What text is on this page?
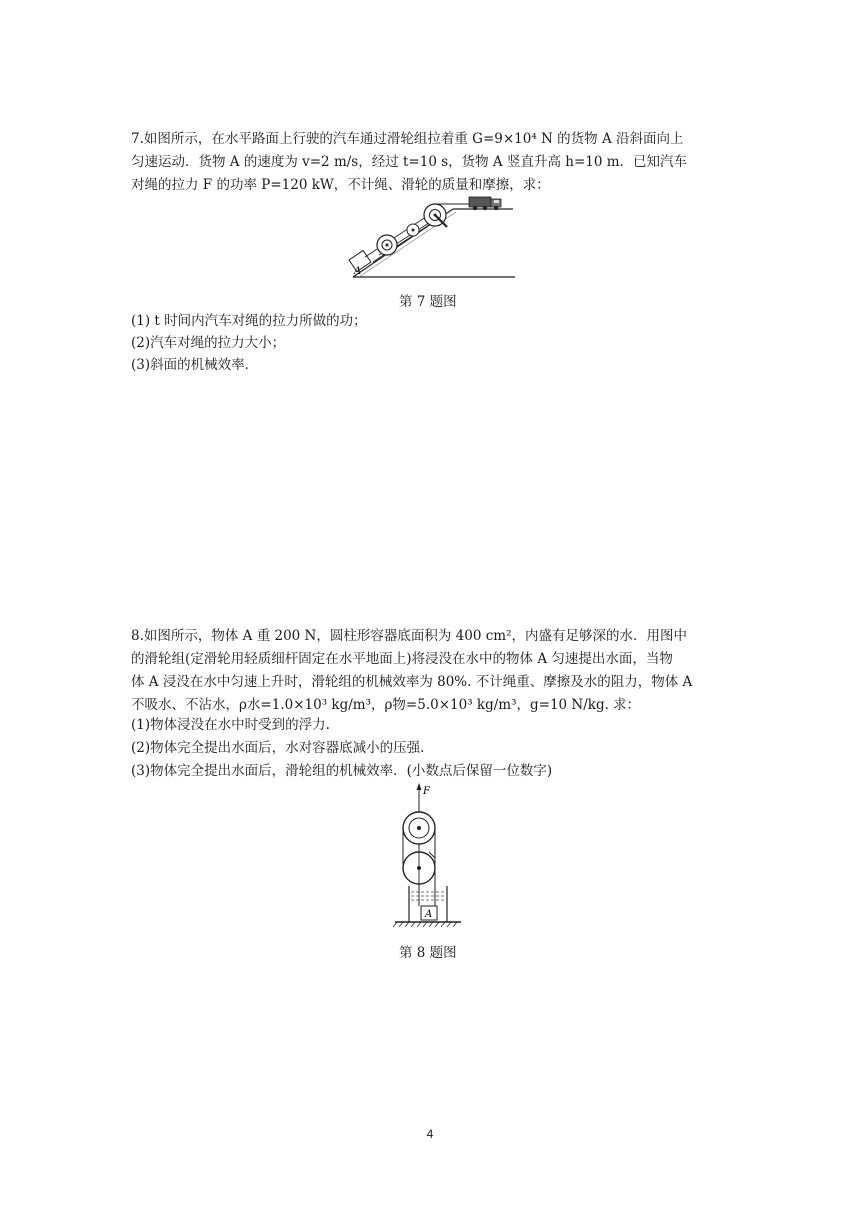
7.如图所示，在水平路面上行驶的汽车通过滑轮组拉着重 G=9×10⁴ N 的货物 A 沿斜面向上
匀速运动．货物 A 的速度为 v=2 m/s，经过 t=10 s，货物 A 竖直升高 h=10 m．已知汽车
对绳的拉力 F 的功率 P=120 kW，不计绳、滑轮的质量和摩擦，求：
A
第 7 题图
(1) t 时间内汽车对绳的拉力所做的功；
(2)汽车对绳的拉力大小；
(3)斜面的机械效率．
8.如图所示，物体 A 重 200 N，圆柱形容器底面积为 400 cm²，内盛有足够深的水．用图中
的滑轮组(定滑轮用轻质细杆固定在水平地面上)将浸没在水中的物体 A 匀速提出水面，当物
体 A 浸没在水中匀速上升时，滑轮组的机械效率为 80%. 不计绳重、摩擦及水的阻力，物体 A
不吸水、不沾水，ρ水=1.0×10³ kg/m³，ρ物=5.0×10³ kg/m³，g=10 N/kg. 求：
(1)物体浸没在水中时受到的浮力.
(2)物体完全提出水面后，水对容器底减小的压强.
(3)物体完全提出水面后，滑轮组的机械效率．(小数点后保留一位数字)
F
A
第 8 题图
4
